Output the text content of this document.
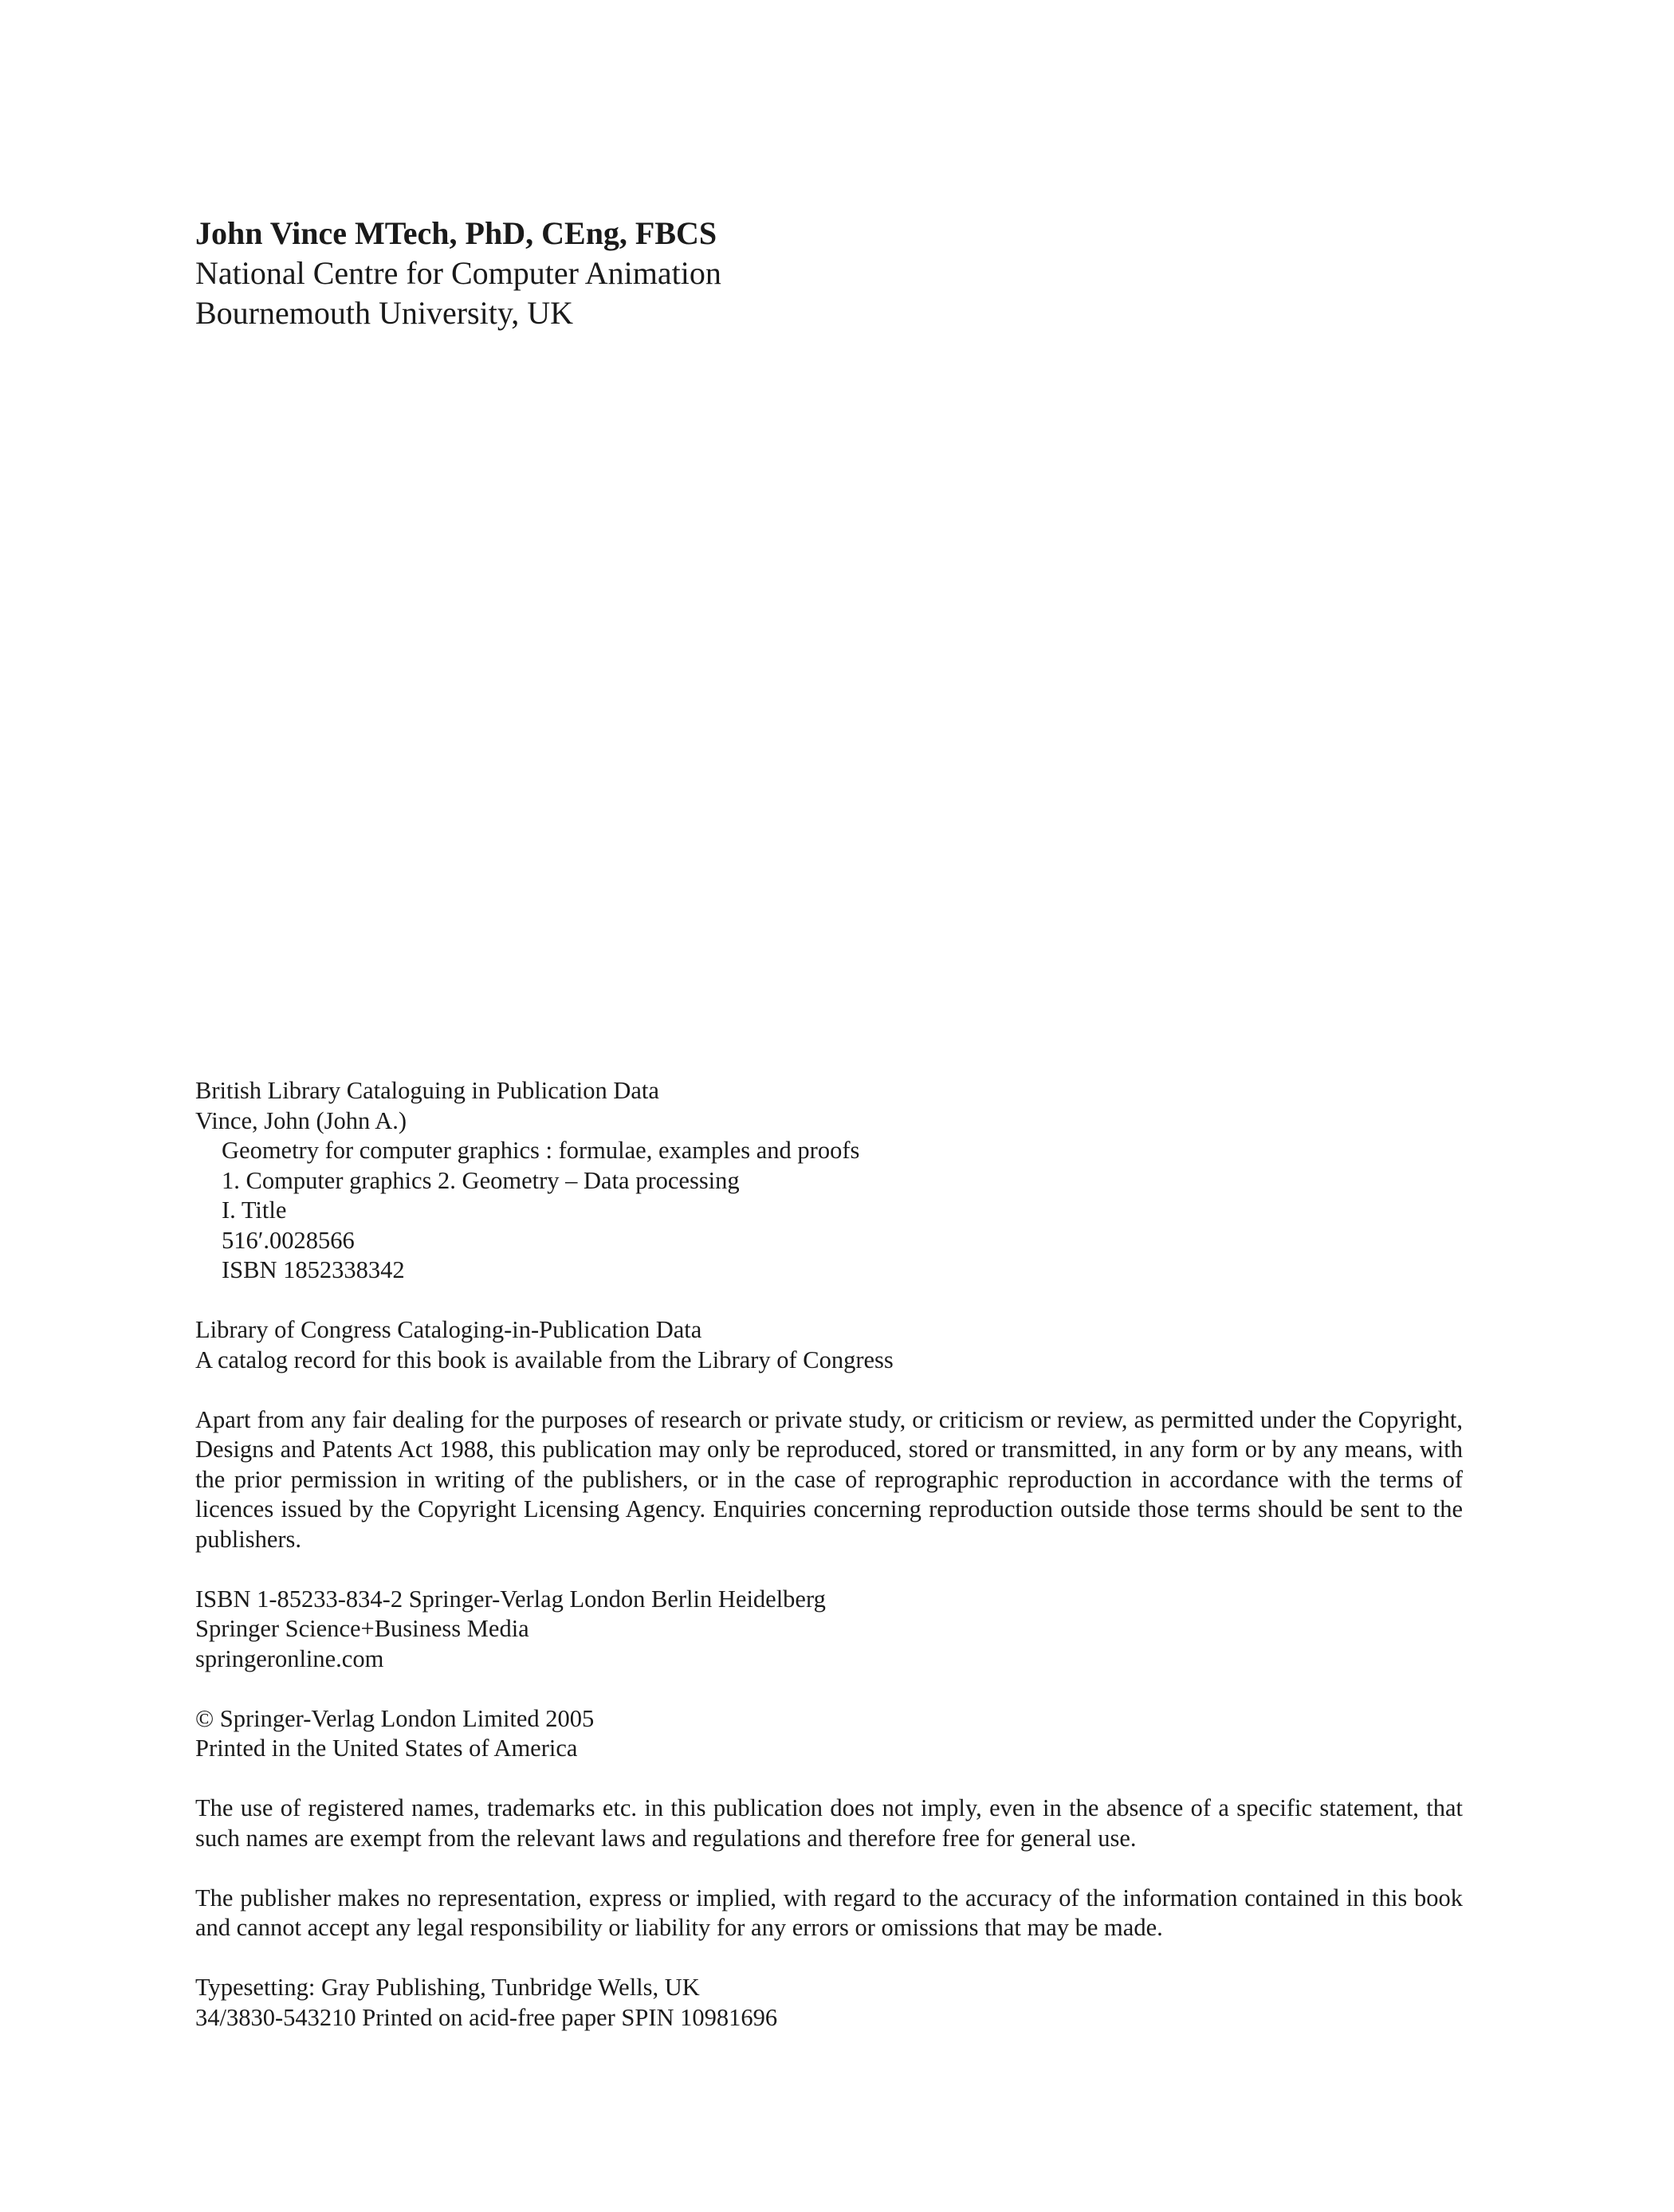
John Vince MTech, PhD, CEng, FBCS
National Centre for Computer Animation
Bournemouth University, UK
British Library Cataloguing in Publication Data
Vince, John (John A.)
Geometry for computer graphics : formulae, examples and proofs
1. Computer graphics 2. Geometry – Data processing
I. Title
516′.0028566
ISBN 1852338342
Library of Congress Cataloging-in-Publication Data
A catalog record for this book is available from the Library of Congress
Apart from any fair dealing for the purposes of research or private study, or criticism or review, as permitted under the Copyright, Designs and Patents Act 1988, this publication may only be reproduced, stored or transmitted, in any form or by any means, with the prior permission in writing of the publishers, or in the case of reprographic reproduction in accordance with the terms of licences issued by the Copyright Licensing Agency. Enquiries concerning reproduction outside those terms should be sent to the publishers.
ISBN 1-85233-834-2 Springer-Verlag London Berlin Heidelberg
Springer Science+Business Media
springeronline.com
© Springer-Verlag London Limited 2005
Printed in the United States of America
The use of registered names, trademarks etc. in this publication does not imply, even in the absence of a specific statement, that such names are exempt from the relevant laws and regulations and therefore free for general use.
The publisher makes no representation, express or implied, with regard to the accuracy of the information contained in this book and cannot accept any legal responsibility or liability for any errors or omissions that may be made.
Typesetting: Gray Publishing, Tunbridge Wells, UK
34/3830-543210 Printed on acid-free paper SPIN 10981696
